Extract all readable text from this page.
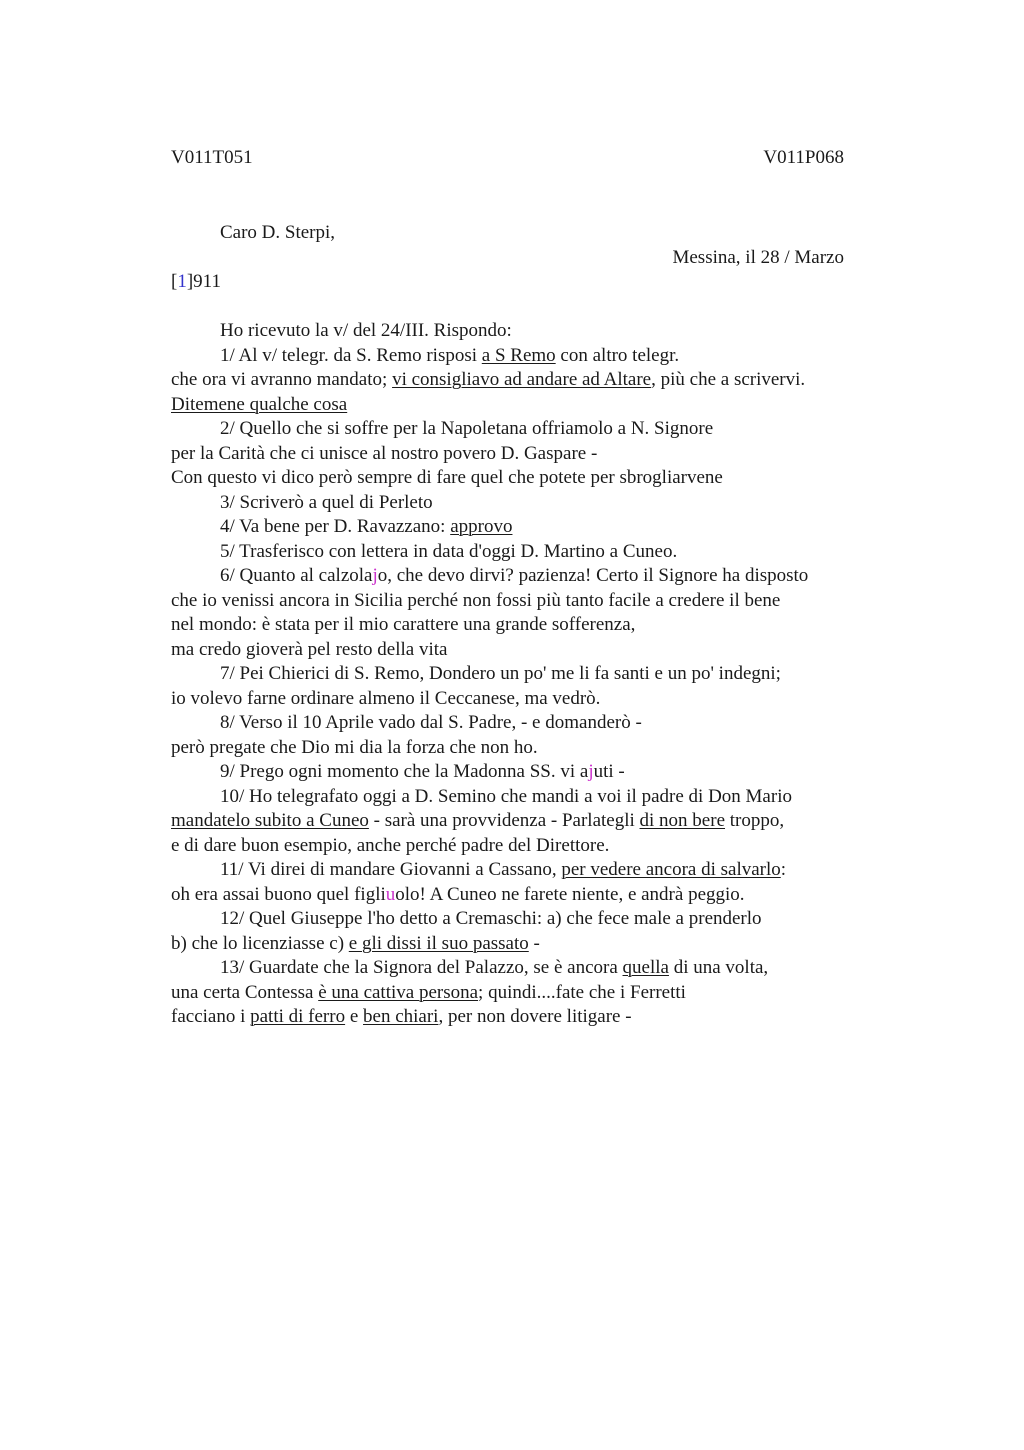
V011T051	V011P068
Caro D. Sterpi,
Messina, il 28 / Marzo
[1]911
Ho ricevuto la v/ del 24/III. Rispondo:
1/ Al v/ telegr. da S. Remo risposi a S Remo con altro telegr.
che ora vi avranno mandato; vi consigliavo ad andare ad Altare, più che a scrivervi.
Ditemene qualche cosa
2/ Quello che si soffre per la Napoletana offriamolo a N. Signore
per la Carità che ci unisce al nostro povero D. Gaspare -
Con questo vi dico però sempre di fare quel che potete per sbrogliarvene
3/ Scriverò a quel di Perleto
4/ Va bene per D. Ravazzano: approvo
5/ Trasferisco con lettera in data d'oggi D. Martino a Cuneo.
6/ Quanto al calzolajo, che devo dirvi? pazienza! Certo il Signore ha disposto
che io venissi ancora in Sicilia perché non fossi più tanto facile a credere il bene
nel mondo: è stata per il mio carattere una grande sofferenza,
ma credo gioverà pel resto della vita
7/ Pei Chierici di S. Remo, Dondero un po' me li fa santi e un po' indegni;
io volevo farne ordinare almeno il Ceccanese, ma vedrò.
8/ Verso il 10 Aprile vado dal S. Padre, - e domanderò -
però pregate che Dio mi dia la forza che non ho.
9/ Prego ogni momento che la Madonna SS. vi ajuti -
10/ Ho telegrafato oggi a D. Semino che mandi a voi il padre di Don Mario
mandatelo subito a Cuneo - sarà una provvidenza - Parlategli di non bere troppo,
e di dare buon esempio, anche perché padre del Direttore.
11/ Vi direi di mandare Giovanni a Cassano, per vedere ancora di salvarlo:
oh era assai buono quel figliuolo! A Cuneo ne farete niente, e andrà peggio.
12/ Quel Giuseppe l'ho detto a Cremaschi: a) che fece male a prenderlo
b) che lo licenziasse c) e gli dissi il suo passato -
13/ Guardate che la Signora del Palazzo, se è ancora quella di una volta,
una certa Contessa è una cattiva persona; quindi....fate che i Ferretti
facciano i patti di ferro e ben chiari, per non dovere litigare -
